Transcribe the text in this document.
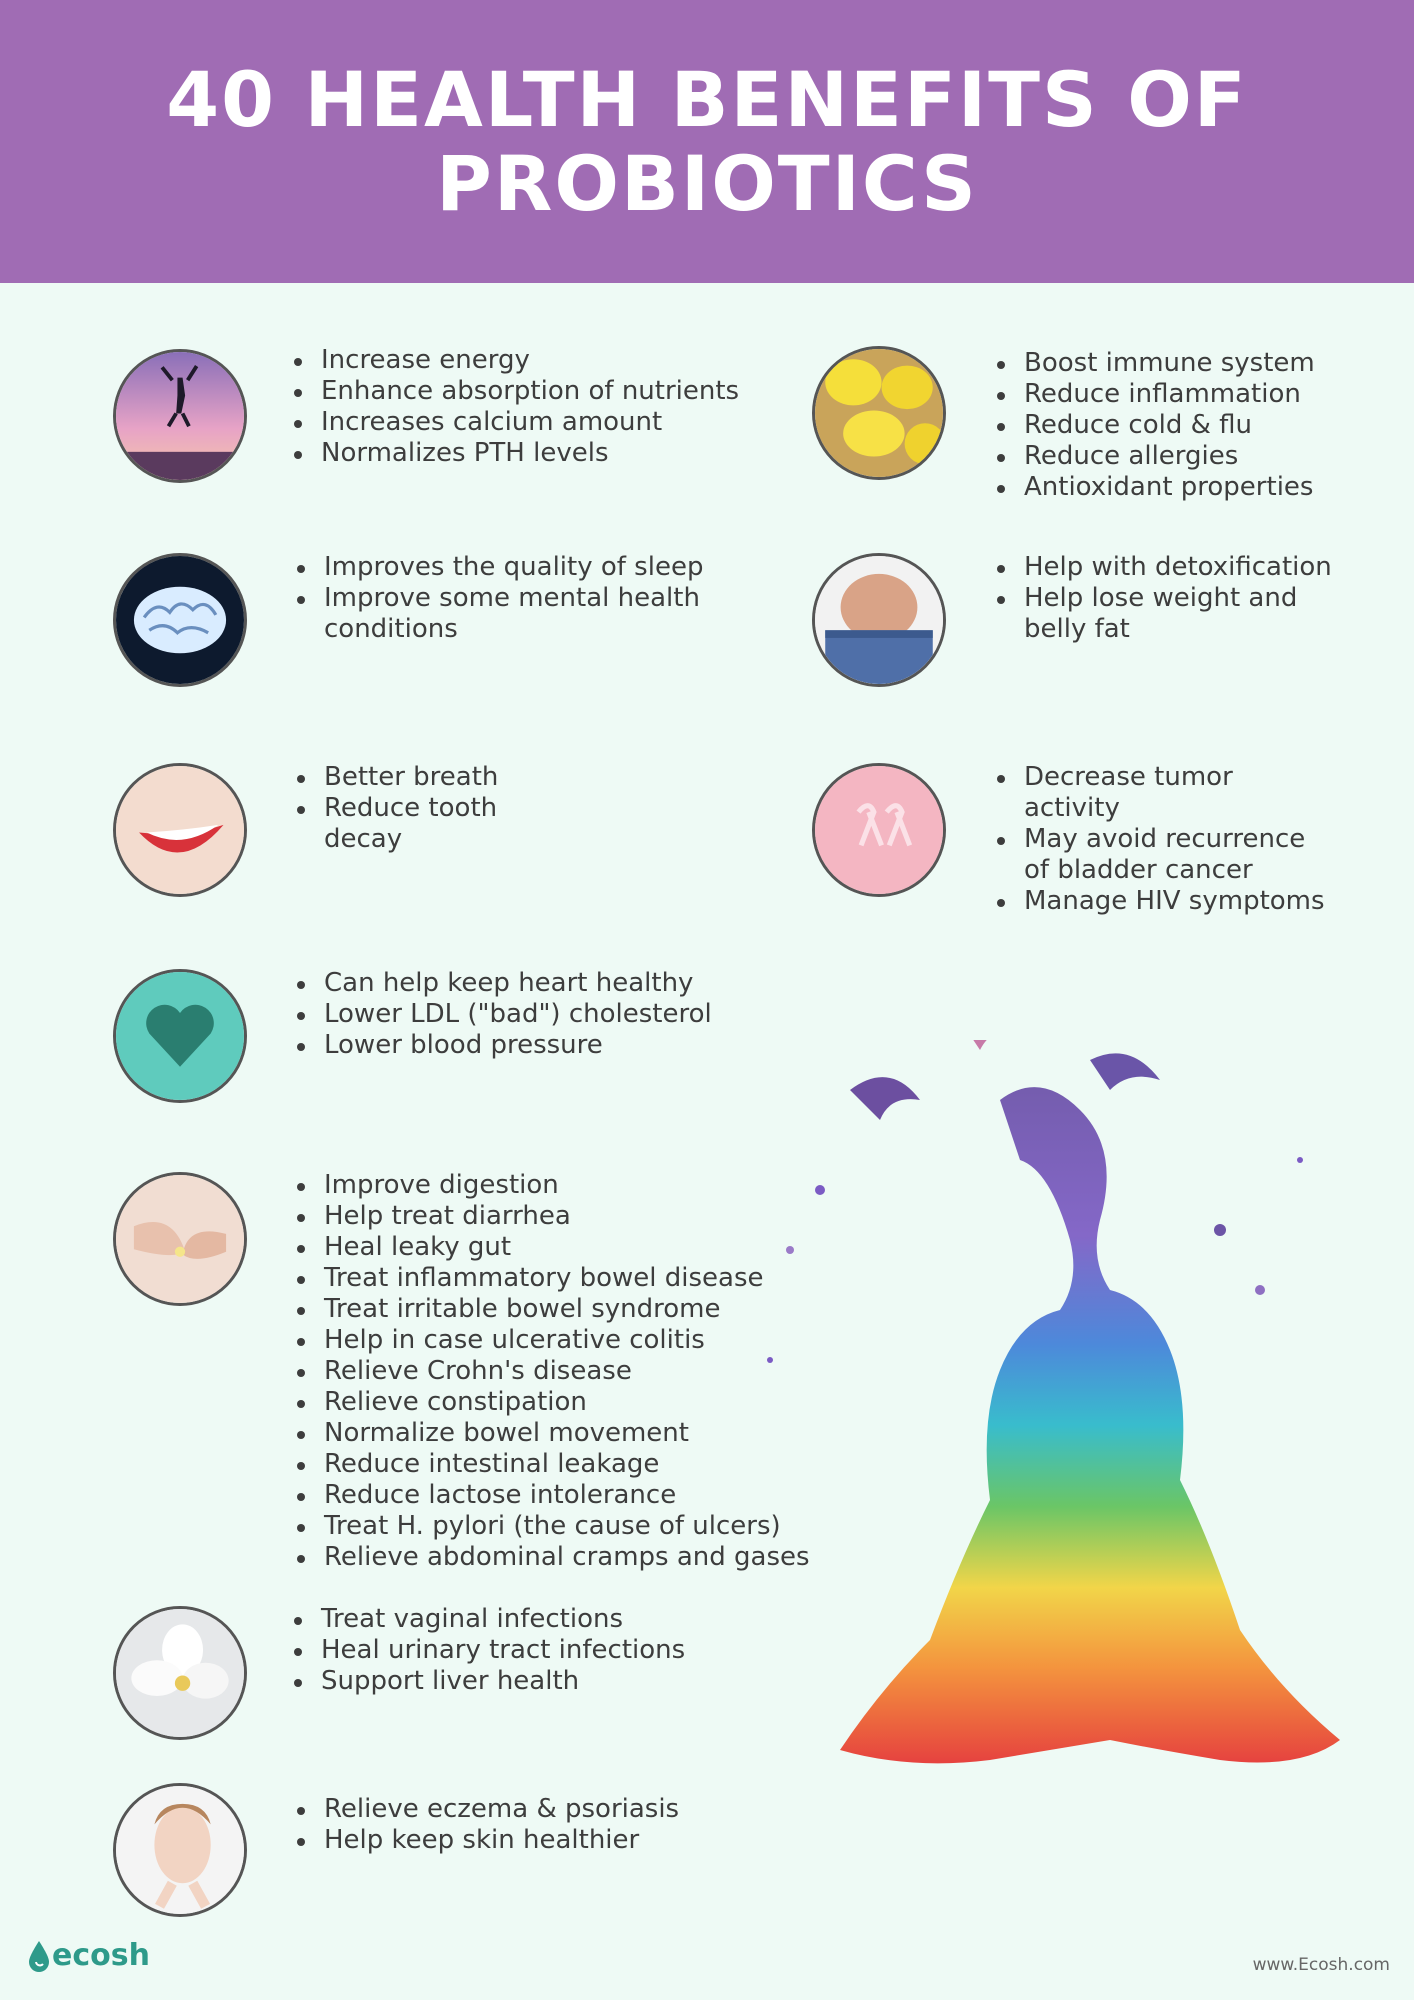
40 HEALTH BENEFITS OF PROBIOTICS
Increase energy
Enhance absorption of nutrients
Increases calcium amount
Normalizes PTH levels
Improves the quality of sleep
Improve some mental health conditions
Better breath
Reduce tooth decay
Can help keep heart healthy
Lower LDL ("bad") cholesterol
Lower blood pressure
Improve digestion
Help treat diarrhea
Heal leaky gut
Treat inflammatory bowel disease
Treat irritable bowel syndrome
Help in case ulcerative colitis
Relieve Crohn's disease
Relieve constipation
Normalize bowel movement
Reduce intestinal leakage
Reduce lactose intolerance
Treat H. pylori (the cause of ulcers)
Relieve abdominal cramps and gases
Treat vaginal infections
Heal urinary tract infections
Support liver health
Relieve eczema & psoriasis
Help keep skin healthier
Boost immune system
Reduce inflammation
Reduce cold & flu
Reduce allergies
Antioxidant properties
Help with detoxification
Help lose weight and belly fat
Decrease tumor activity
May avoid recurrence of bladder cancer
Manage HIV symptoms
ecosh	www.Ecosh.com
